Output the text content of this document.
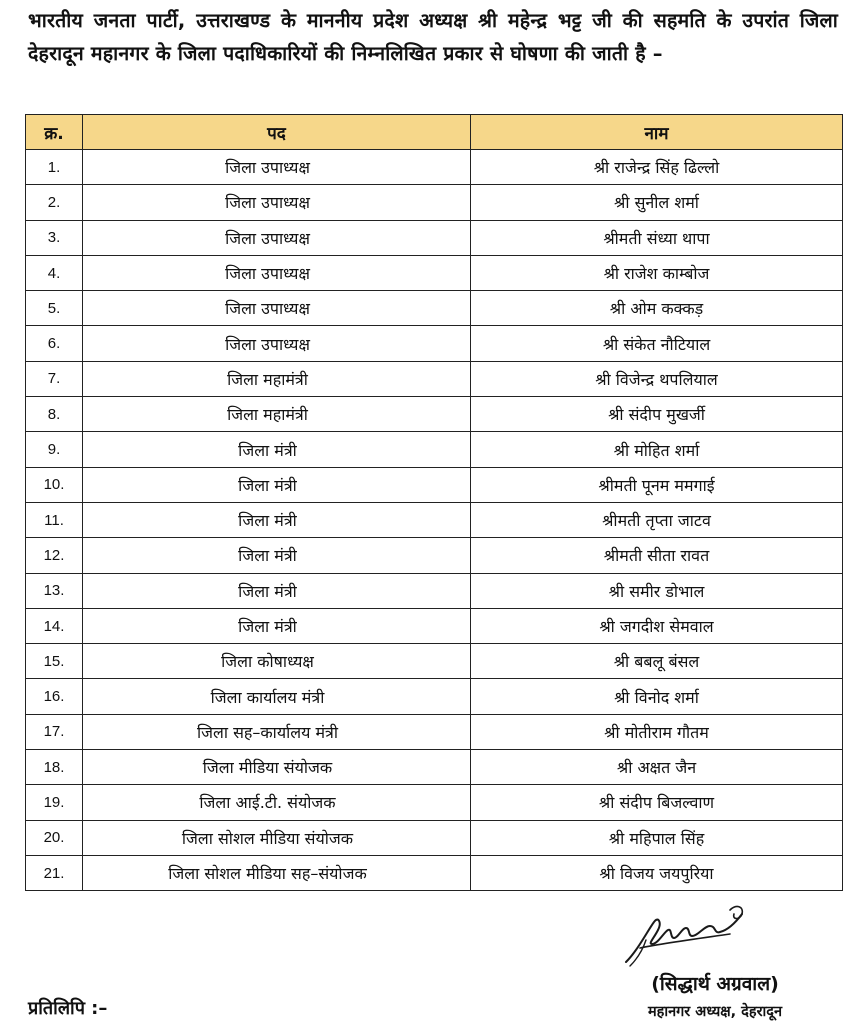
भारतीय जनता पार्टी, उत्तराखण्ड के माननीय प्रदेश अध्यक्ष श्री महेन्द्र भट्ट जी की सहमति के उपरांत जिला देहरादून महानगर के जिला पदाधिकारियों की निम्नलिखित प्रकार से घोषणा की जाती है –
क्र.	पद	नाम
1.	जिला उपाध्यक्ष	श्री राजेन्द्र सिंह ढिल्लो
2.	जिला उपाध्यक्ष	श्री सुनील शर्मा
3.	जिला उपाध्यक्ष	श्रीमती संध्या थापा
4.	जिला उपाध्यक्ष	श्री राजेश काम्बोज
5.	जिला उपाध्यक्ष	श्री ओम कक्कड़
6.	जिला उपाध्यक्ष	श्री संकेत नौटियाल
7.	जिला महामंत्री	श्री विजेन्द्र थपलियाल
8.	जिला महामंत्री	श्री संदीप मुखर्जी
9.	जिला मंत्री	श्री मोहित शर्मा
10.	जिला मंत्री	श्रीमती पूनम ममगाई
11.	जिला मंत्री	श्रीमती तृप्ता जाटव
12.	जिला मंत्री	श्रीमती सीता रावत
13.	जिला मंत्री	श्री समीर डोभाल
14.	जिला मंत्री	श्री जगदीश सेमवाल
15.	जिला कोषाध्यक्ष	श्री बबलू बंसल
16.	जिला कार्यालय मंत्री	श्री विनोद शर्मा
17.	जिला सह–कार्यालय मंत्री	श्री मोतीराम गौतम
18.	जिला मीडिया संयोजक	श्री अक्षत जैन
19.	जिला आई.टी. संयोजक	श्री संदीप बिजल्वाण
20.	जिला सोशल मीडिया संयोजक	श्री महिपाल सिंह
21.	जिला सोशल मीडिया सह–संयोजक	श्री विजय जयपुरिया
(सिद्धार्थ अग्रवाल)
महानगर अध्यक्ष, देहरादून
प्रतिलिपि :–
